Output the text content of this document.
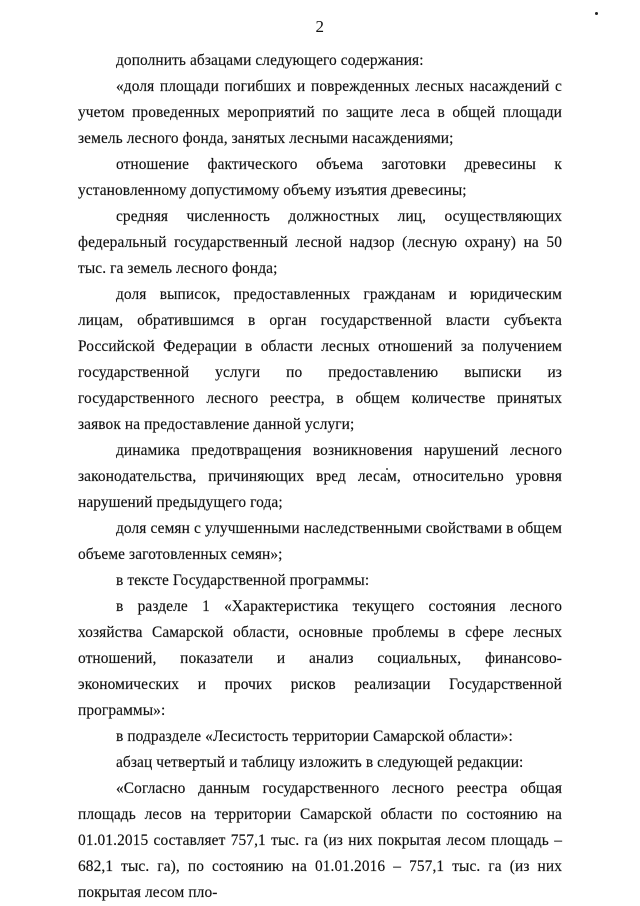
2

дополнить абзацами следующего содержания:

«доля площади погибших и поврежденных лесных насаждений с учетом проведенных мероприятий по защите леса в общей площади земель лесного фонда, занятых лесными насаждениями;

отношение фактического объема заготовки древесины к установленному допустимому объему изъятия древесины;

средняя численность должностных лиц, осуществляющих федеральный государственный лесной надзор (лесную охрану) на 50 тыс. га земель лесного фонда;

доля выписок, предоставленных гражданам и юридическим лицам, обратившимся в орган государственной власти субъекта Российской Федерации в области лесных отношений за получением государственной услуги по предоставлению выписки из государственного лесного реестра, в общем количестве принятых заявок на предоставление данной услуги;

динамика предотвращения возникновения нарушений лесного законодательства, причиняющих вред лесам, относительно уровня нарушений предыдущего года;

доля семян с улучшенными наследственными свойствами в общем объеме заготовленных семян»;

в тексте Государственной программы:

в разделе 1 «Характеристика текущего состояния лесного хозяйства Самарской области, основные проблемы в сфере лесных отношений, показатели и анализ социальных, финансово-экономических и прочих рисков реализации Государственной программы»:

в подразделе «Лесистость территории Самарской области»:

абзац четвертый и таблицу изложить в следующей редакции:

«Согласно данным государственного лесного реестра общая площадь лесов на территории Самарской области по состоянию на 01.01.2015 составляет 757,1 тыс. га (из них покрытая лесом площадь – 682,1 тыс. га), по состоянию на 01.01.2016 – 757,1 тыс. га (из них покрытая лесом пло-
